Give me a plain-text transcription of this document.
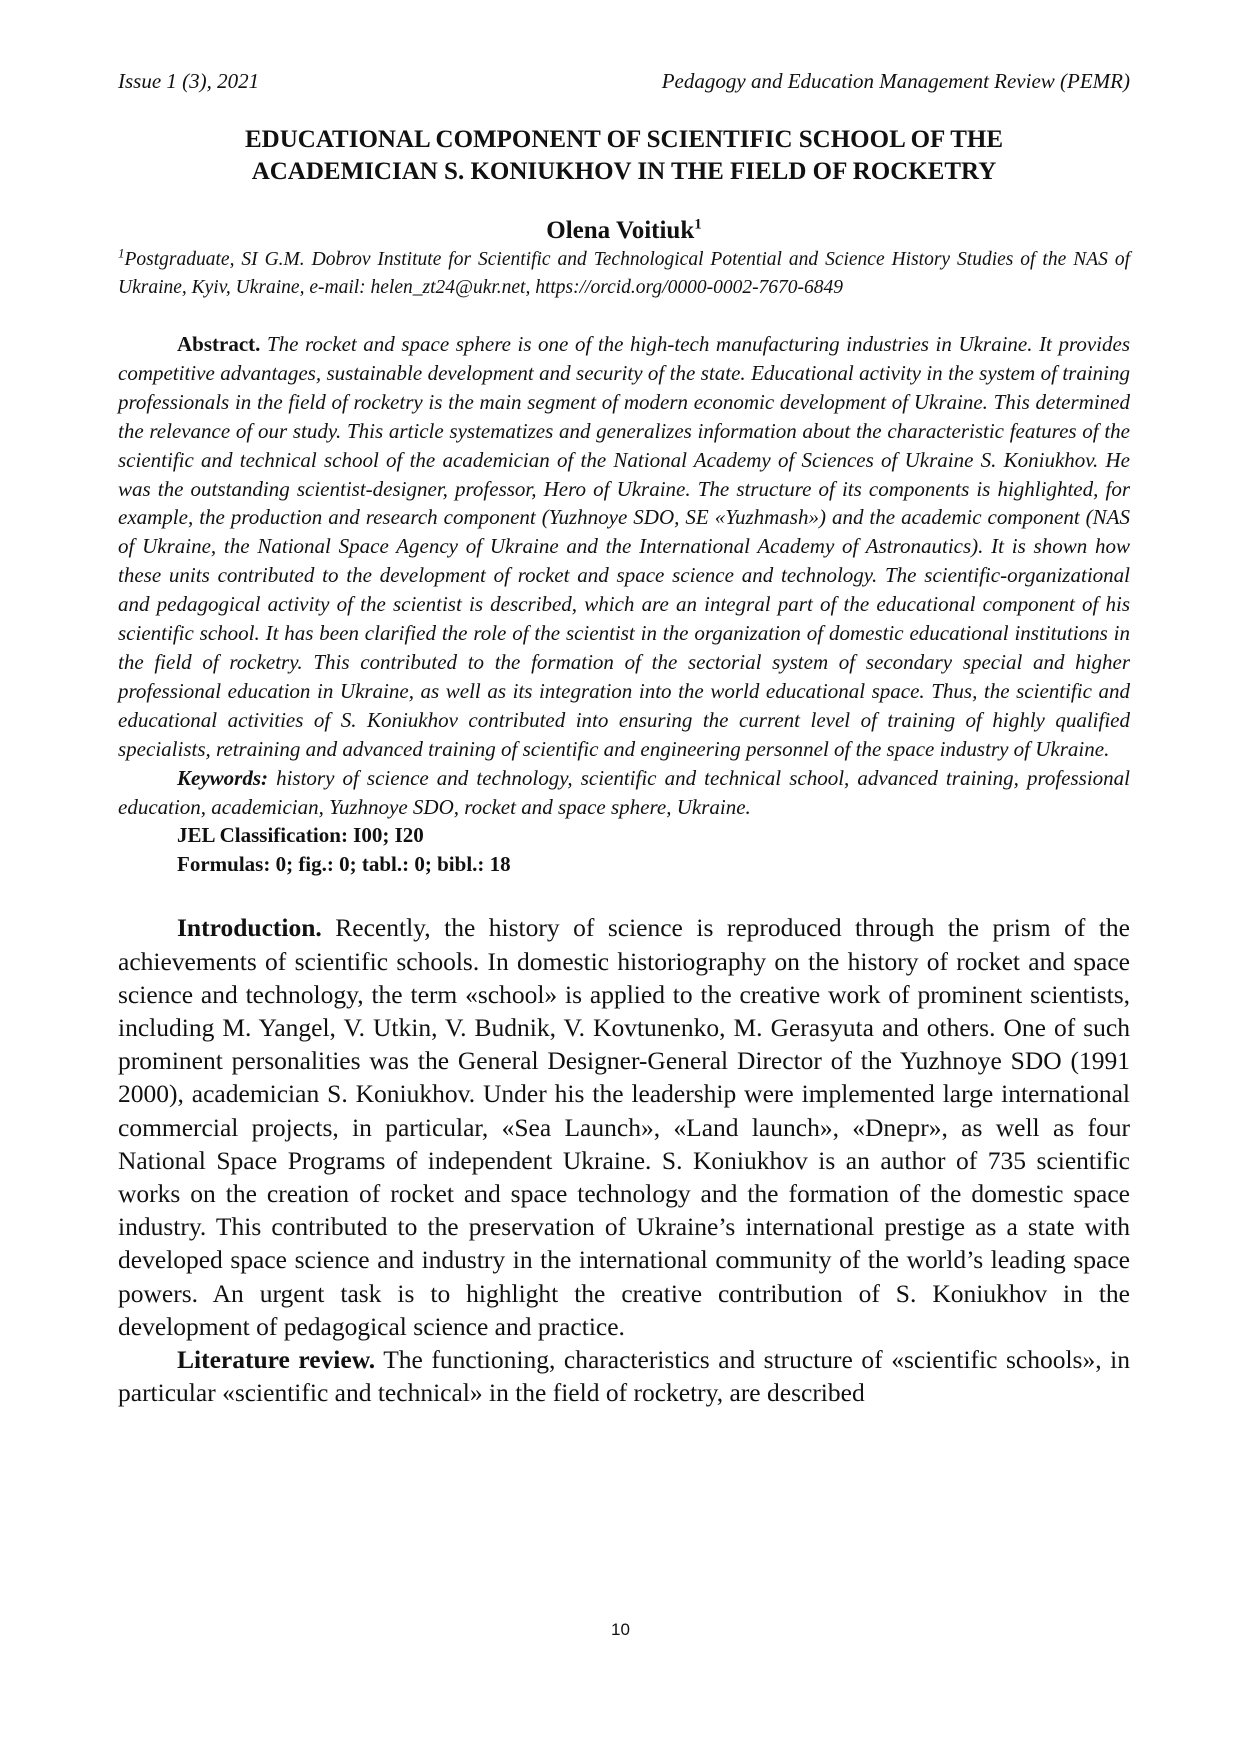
Issue 1 (3), 2021	Pedagogy and Education Management Review (PEMR)
EDUCATIONAL COMPONENT OF SCIENTIFIC SCHOOL OF THE
ACADEMICIAN S. KONIUKHOV IN THE FIELD OF ROCKETRY
Olena Voitiuk$^1$
$^1$Postgraduate, SI G.M. Dobrov Institute for Scientific and Technological Potential and Science History Studies of the NAS of Ukraine, Kyiv, Ukraine, e-mail: helen_zt24@ukr.net, https://orcid.org/0000-0002-7670-6849

Abstract. The rocket and space sphere is one of the high-tech manufacturing industries in Ukraine. It provides competitive advantages, sustainable development and security of the state. Educational activity in the system of training professionals in the field of rocketry is the main segment of modern economic development of Ukraine. This determined the relevance of our study. This article systematizes and generalizes information about the characteristic features of the scientific and technical school of the academician of the National Academy of Sciences of Ukraine S. Koniukhov. He was the outstanding scientist-designer, professor, Hero of Ukraine. The structure of its components is highlighted, for example, the production and research component (Yuzhnoye SDO, SE «Yuzhmash») and the academic component (NAS of Ukraine, the National Space Agency of Ukraine and the International Academy of Astronautics). It is shown how these units contributed to the development of rocket and space science and technology. The scientific-organizational and pedagogical activity of the scientist is described, which are an integral part of the educational component of his scientific school. It has been clarified the role of the scientist in the organization of domestic educational institutions in the field of rocketry. This contributed to the formation of the sectorial system of secondary special and higher professional education in Ukraine, as well as its integration into the world educational space. Thus, the scientific and educational activities of S. Koniukhov contributed into ensuring the current level of training of highly qualified specialists, retraining and advanced training of scientific and engineering personnel of the space industry of Ukraine.

Keywords: history of science and technology, scientific and technical school, advanced training, professional education, academician, Yuzhnoye SDO, rocket and space sphere, Ukraine.

JEL Classification: I00; I20
Formulas: 0; fig.: 0; tabl.: 0; bibl.: 18

Introduction. Recently, the history of science is reproduced through the prism of the achievements of scientific schools. In domestic historiography on the history of rocket and space science and technology, the term «school» is applied to the creative work of prominent scientists, including M. Yangel, V. Utkin, V. Budnik, V. Kovtunenko, M. Gerasyuta and others. One of such prominent personalities was the General Designer-General Director of the Yuzhnoye SDO (1991 2000), academician S. Koniukhov. Under his the leadership were implemented large international commercial projects, in particular, «Sea Launch», «Land launch», «Dnepr», as well as four National Space Programs of independent Ukraine. S. Koniukhov is an author of 735 scientific works on the creation of rocket and space technology and the formation of the domestic space industry. This contributed to the preservation of Ukraine’s international prestige as a state with developed space science and industry in the international community of the world’s leading space powers. An urgent task is to highlight the creative contribution of S. Koniukhov in the development of pedagogical science and practice.

Literature review. The functioning, characteristics and structure of «scientific schools», in particular «scientific and technical» in the field of rocketry, are described

10
